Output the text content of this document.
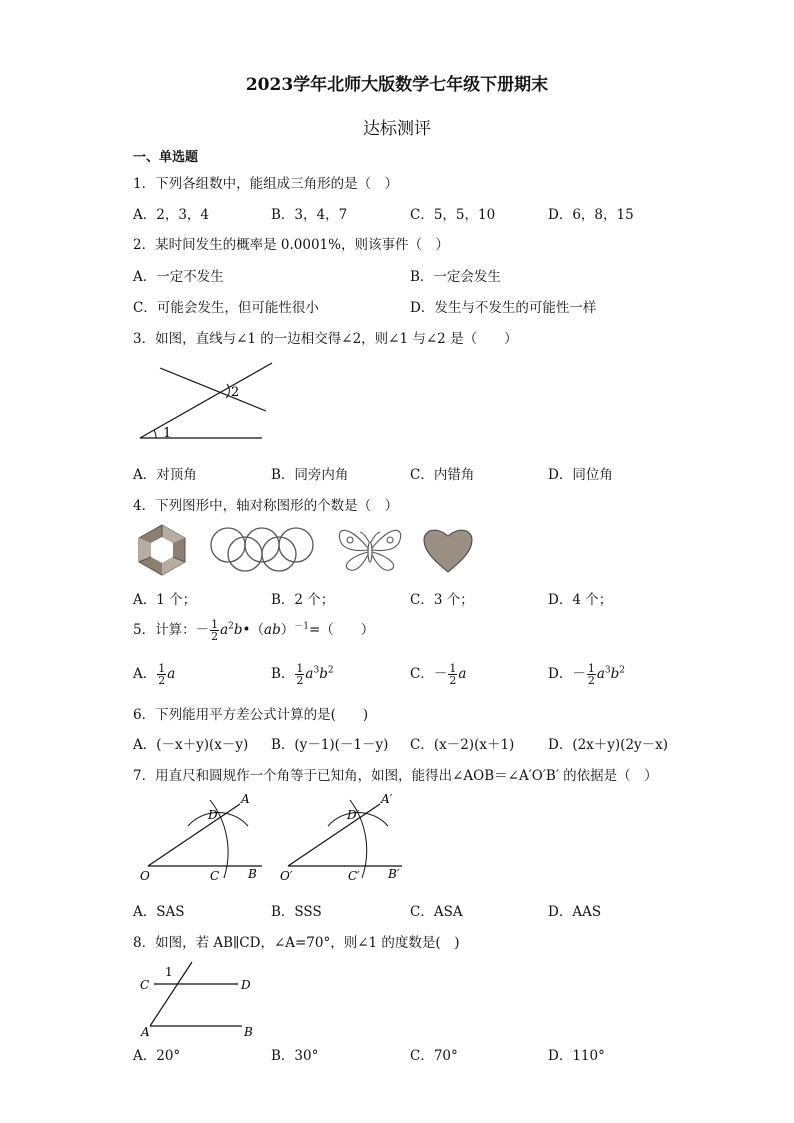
2023学年北师大版数学七年级下册期末
达标测评
一、单选题
1．下列各组数中，能组成三角形的是（　）
A．2，3，4	B．3，4，7	C．5，5，10	D．6，8，15
2．某时间发生的概率是 0.0001%，则该事件（　）
A．一定不发生	B．一定会发生
C．可能会发生，但可能性很小	D．发生与不发生的可能性一样
3．如图，直线与∠1 的一边相交得∠2，则∠1 与∠2 是（　　）
1
2
A．对顶角	B．同旁内角	C．内错角	D．同位角
4．下列图形中，轴对称图形的个数是（　）
A．1 个；	B．2 个；	C．3 个；	D．4 个；
5．计算：－ $\frac{1}{2}$ $a^2b•(ab)^{-1}=$（　　）
A． $\frac{1}{2}$ a	B． $\frac{1}{2} a^3b^2$	C．－ $\frac{1}{2}$ a	D．－ $\frac{1}{2} a^3b^2$
6．下列能用平方差公式计算的是(　　)
A．(－x＋y)(x－y) B．(y－1)(－1－y) C．(x－2)(x＋1) D．(2x＋y)(2y－x)
7．用直尺和圆规作一个角等于已知角，如图，能得出∠AOB＝∠A′O′B′ 的依据是（　）
O	C B
D
A
O′	C′ B′
D′
A′
A．SAS	B．SSS	C．ASA	D．AAS
8．如图，若 AB∥CD，∠A=70°，则∠1 的度数是(　)
C	D
A	B
1
A．20°	B．30°	C．70°	D．110°
